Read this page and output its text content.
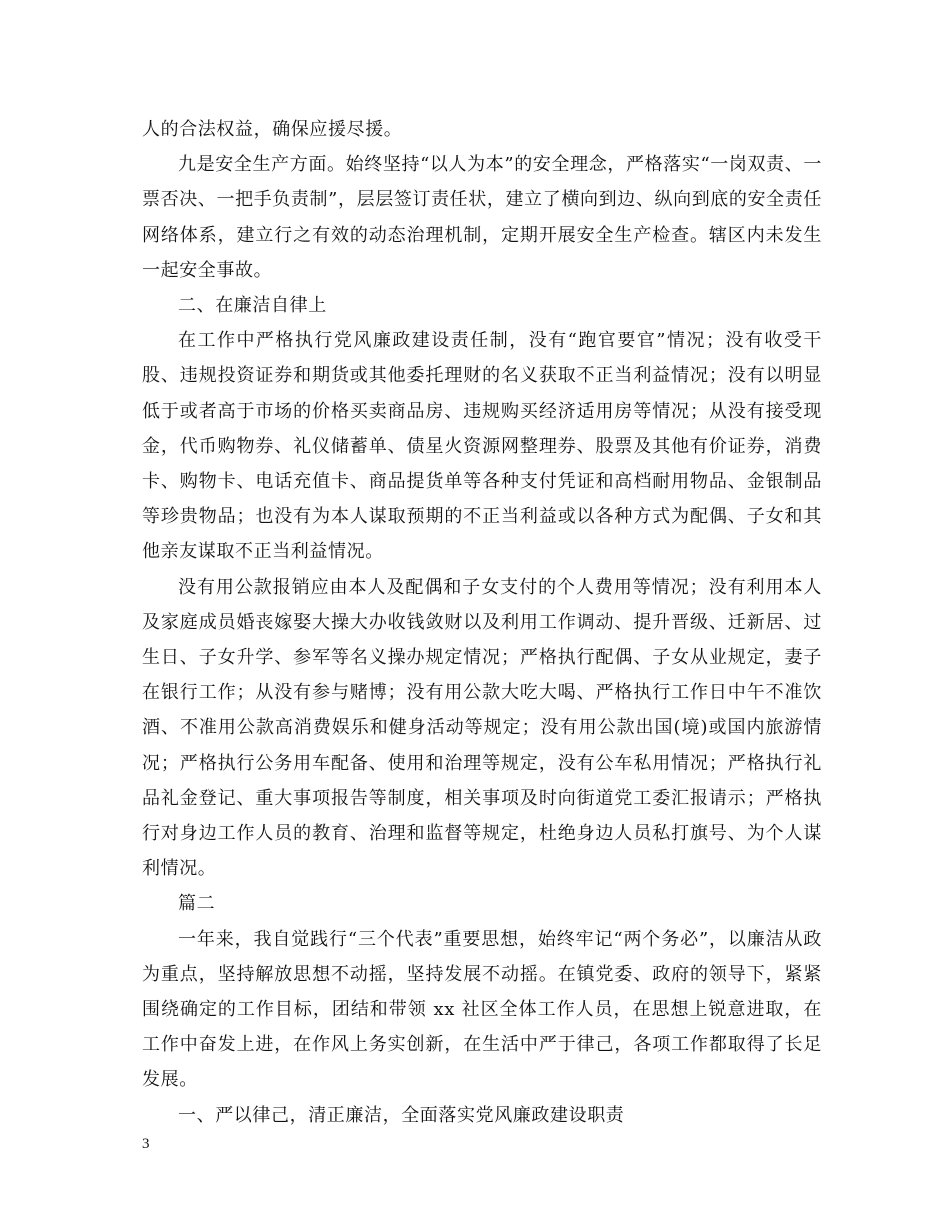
人的合法权益，确保应援尽援。

九是安全生产方面。始终坚持“以人为本”的安全理念，严格落实“一岗双责、一票否决、一把手负责制”，层层签订责任状，建立了横向到边、纵向到底的安全责任网络体系，建立行之有效的动态治理机制，定期开展安全生产检查。辖区内未发生一起安全事故。

二、在廉洁自律上

在工作中严格执行党风廉政建设责任制，没有“跑官要官”情况；没有收受干股、违规投资证券和期货或其他委托理财的名义获取不正当利益情况；没有以明显低于或者高于市场的价格买卖商品房、违规购买经济适用房等情况；从没有接受现金，代币购物券、礼仪储蓄单、债星火资源网整理券、股票及其他有价证券，消费卡、购物卡、电话充值卡、商品提货单等各种支付凭证和高档耐用物品、金银制品等珍贵物品；也没有为本人谋取预期的不正当利益或以各种方式为配偶、子女和其他亲友谋取不正当利益情况。

没有用公款报销应由本人及配偶和子女支付的个人费用等情况；没有利用本人及家庭成员婚丧嫁娶大操大办收钱敛财以及利用工作调动、提升晋级、迁新居、过生日、子女升学、参军等名义操办规定情况；严格执行配偶、子女从业规定，妻子在银行工作；从没有参与赌博；没有用公款大吃大喝、严格执行工作日中午不准饮酒、不准用公款高消费娱乐和健身活动等规定；没有用公款出国(境)或国内旅游情况；严格执行公务用车配备、使用和治理等规定，没有公车私用情况；严格执行礼品礼金登记、重大事项报告等制度，相关事项及时向街道党工委汇报请示；严格执行对身边工作人员的教育、治理和监督等规定，杜绝身边人员私打旗号、为个人谋利情况。

篇二

一年来，我自觉践行“三个代表”重要思想，始终牢记“两个务必”，以廉洁从政为重点，坚持解放思想不动摇，坚持发展不动摇。在镇党委、政府的领导下，紧紧围绕确定的工作目标，团结和带领 xx 社区全体工作人员，在思想上锐意进取，在工作中奋发上进，在作风上务实创新，在生活中严于律己，各项工作都取得了长足发展。

一、严以律己，清正廉洁，全面落实党风廉政建设职责

3
